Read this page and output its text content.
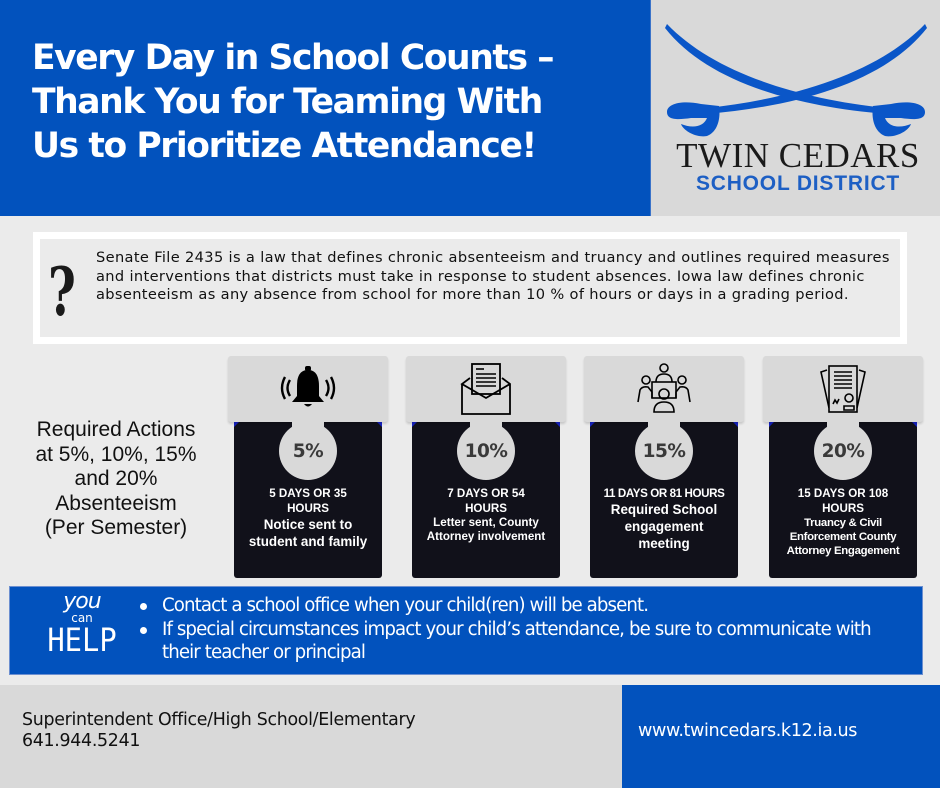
Every Day in School Counts –
Thank You for Teaming With
Us to Prioritize Attendance!	TWIN CEDARS
SCHOOL DISTRICT
? Senate File 2435 is a law that defines chronic absenteeism and truancy and outlines required measures and interventions that districts must take in response to student absences. Iowa law defines chronic absenteeism as any absence from school for more than 10 % of hours or days in a grading period.
Required Actions
at 5%, 10%, 15%
and 20%
Absenteeism
(Per Semester)
5%
5 DAYS OR 35 HOURS
Notice sent to student and family
10%
7 DAYS OR 54 HOURS
Letter sent, County Attorney involvement
15%
11 DAYS OR 81 HOURS
Required School engagement meeting
20%
15 DAYS OR 108 HOURS
Truancy & Civil Enforcement County Attorney Engagement
you
can
HELP
Contact a school office when your child(ren) will be absent.
If special circumstances impact your child’s attendance, be sure to communicate with their teacher or principal
Superintendent Office/High School/Elementary
641.944.5241	www.twincedars.k12.ia.us
